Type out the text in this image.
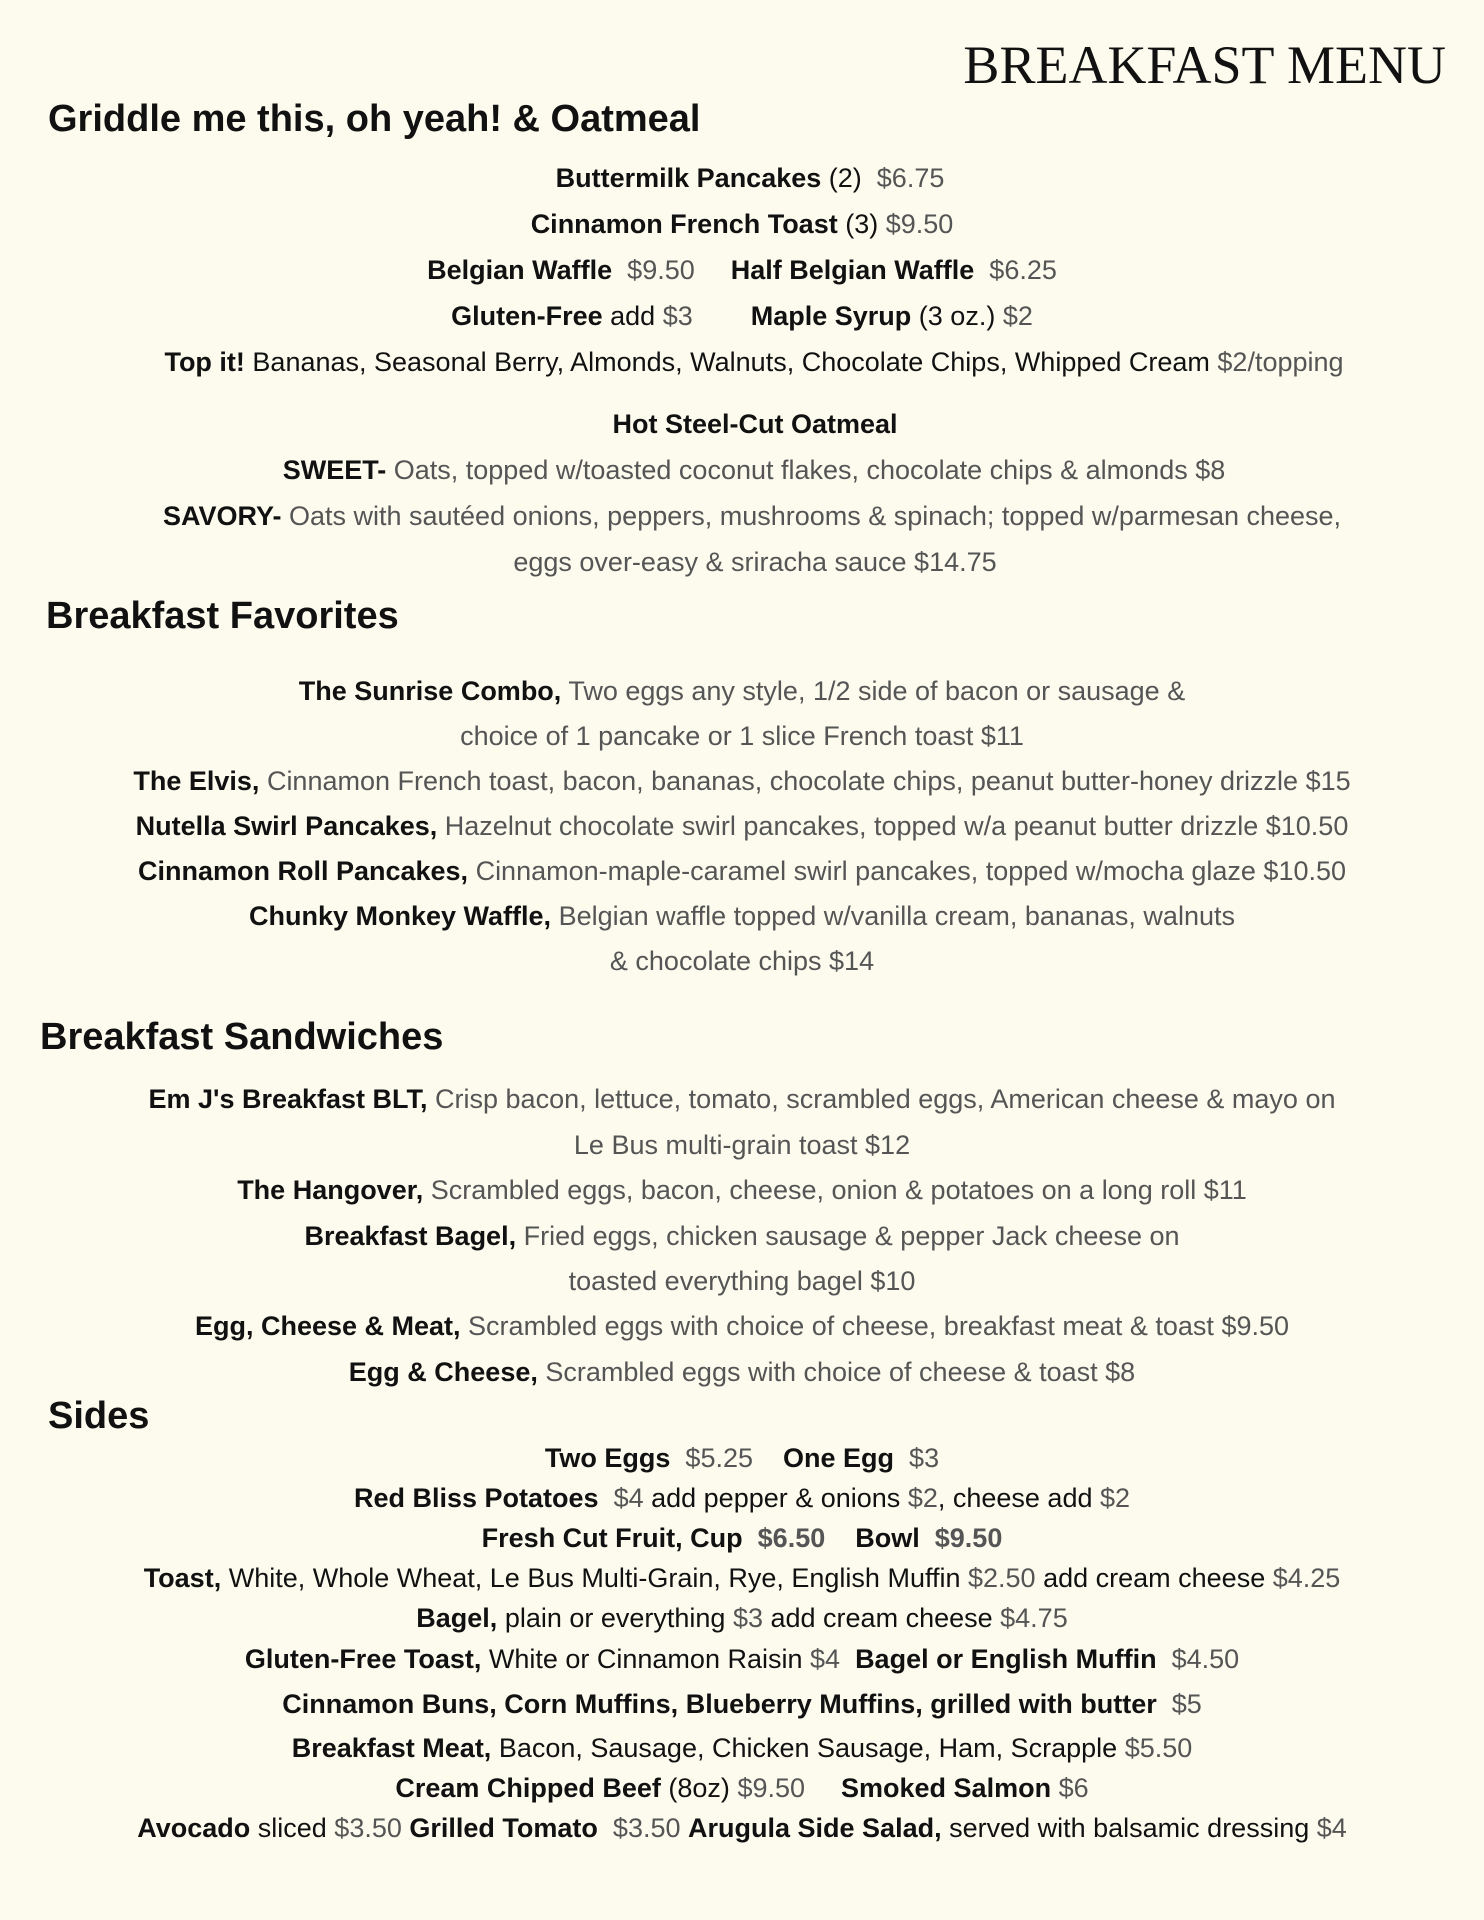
BREAKFAST MENU
Griddle me this, oh yeah! & Oatmeal
Buttermilk Pancakes (2) $6.75
Cinnamon French Toast (3) $9.50
Belgian Waffle $9.50 Half Belgian Waffle $6.25
Gluten-Free add $3 Maple Syrup (3 oz.) $2
Top it! Bananas, Seasonal Berry, Almonds, Walnuts, Chocolate Chips, Whipped Cream $2/topping
Hot Steel-Cut Oatmeal
SWEET- Oats, topped w/toasted coconut flakes, chocolate chips & almonds $8
SAVORY- Oats with sautéed onions, peppers, mushrooms & spinach; topped w/parmesan cheese,
eggs over-easy & sriracha sauce $14.75
Breakfast Favorites
The Sunrise Combo, Two eggs any style, 1/2 side of bacon or sausage &
choice of 1 pancake or 1 slice French toast $11
The Elvis, Cinnamon French toast, bacon, bananas, chocolate chips, peanut butter-honey drizzle $15
Nutella Swirl Pancakes, Hazelnut chocolate swirl pancakes, topped w/a peanut butter drizzle $10.50
Cinnamon Roll Pancakes, Cinnamon-maple-caramel swirl pancakes, topped w/mocha glaze $10.50
Chunky Monkey Waffle, Belgian waffle topped w/vanilla cream, bananas, walnuts
& chocolate chips $14
Breakfast Sandwiches
Em J's Breakfast BLT, Crisp bacon, lettuce, tomato, scrambled eggs, American cheese & mayo on
Le Bus multi-grain toast $12
The Hangover, Scrambled eggs, bacon, cheese, onion & potatoes on a long roll $11
Breakfast Bagel, Fried eggs, chicken sausage & pepper Jack cheese on
toasted everything bagel $10
Egg, Cheese & Meat, Scrambled eggs with choice of cheese, breakfast meat & toast $9.50
Egg & Cheese, Scrambled eggs with choice of cheese & toast $8
Sides
Two Eggs $5.25 One Egg $3
Red Bliss Potatoes $4 add pepper & onions $2, cheese add $2
Fresh Cut Fruit, Cup $6.50 Bowl $9.50
Toast, White, Whole Wheat, Le Bus Multi-Grain, Rye, English Muffin $2.50 add cream cheese $4.25
Bagel, plain or everything $3 add cream cheese $4.75
Gluten-Free Toast, White or Cinnamon Raisin $4 Bagel or English Muffin $4.50
Cinnamon Buns, Corn Muffins, Blueberry Muffins, grilled with butter $5
Breakfast Meat, Bacon, Sausage, Chicken Sausage, Ham, Scrapple $5.50
Cream Chipped Beef (8oz) $9.50 Smoked Salmon $6
Avocado sliced $3.50 Grilled Tomato $3.50 Arugula Side Salad, served with balsamic dressing $4
